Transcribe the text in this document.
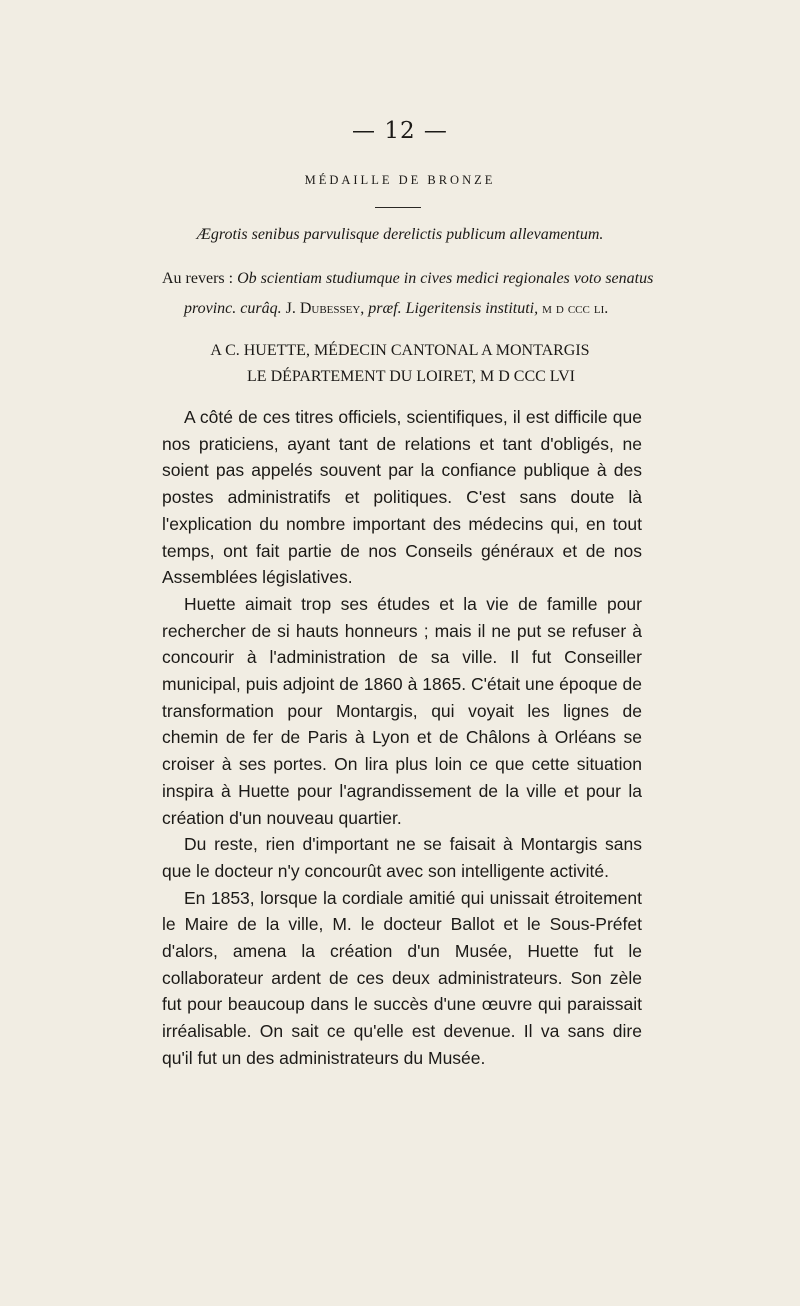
— 12 —
MÉDAILLE DE BRONZE
Ægrotis senibus parvulisque derelictis publicum allevamentum.
Au revers : Ob scientiam studiumque in cives medici regionales voto senatus
provinc. curâq. J. Dubessey, præf. Ligeritensis instituti, m d ccc li.
A C. HUETTE, MÉDECIN CANTONAL A MONTARGIS
LE DÉPARTEMENT DU LOIRET, M D CCC LVI

A côté de ces titres officiels, scientifiques, il est difficile que nos praticiens, ayant tant de relations et tant d'obligés, ne soient pas appelés souvent par la confiance publique à des postes administratifs et politiques. C'est sans doute là l'explication du nombre important des médecins qui, en tout temps, ont fait partie de nos Conseils généraux et de nos Assemblées législatives.

Huette aimait trop ses études et la vie de famille pour rechercher de si hauts honneurs ; mais il ne put se refuser à concourir à l'administration de sa ville. Il fut Conseiller municipal, puis adjoint de 1860 à 1865. C'était une époque de transformation pour Montargis, qui voyait les lignes de chemin de fer de Paris à Lyon et de Châlons à Orléans se croiser à ses portes. On lira plus loin ce que cette situation inspira à Huette pour l'agrandissement de la ville et pour la création d'un nouveau quartier.

Du reste, rien d'important ne se faisait à Montargis sans que le docteur n'y concourût avec son intelligente activité.

En 1853, lorsque la cordiale amitié qui unissait étroitement le Maire de la ville, M. le docteur Ballot et le Sous-Préfet d'alors, amena la création d'un Musée, Huette fut le collaborateur ardent de ces deux administrateurs. Son zèle fut pour beaucoup dans le succès d'une œuvre qui paraissait irréalisable. On sait ce qu'elle est devenue. Il va sans dire qu'il fut un des administrateurs du Musée.
